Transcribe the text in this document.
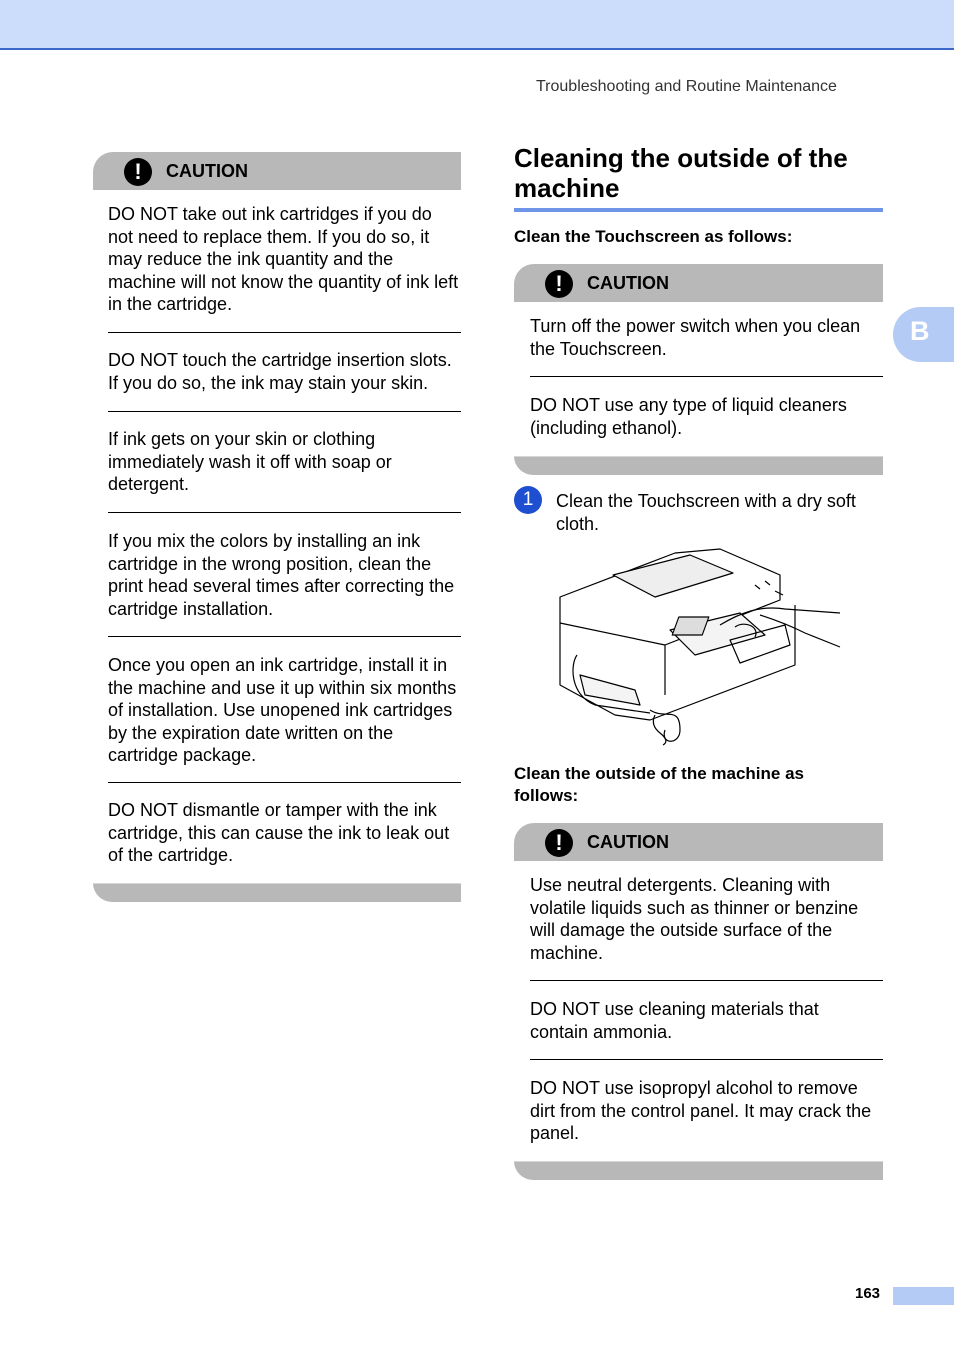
Troubleshooting and Routine Maintenance
B
!	CAUTION
DO NOT take out ink cartridges if you do not need to replace them. If you do so, it may reduce the ink quantity and the machine will not know the quantity of ink left in the cartridge.
DO NOT touch the cartridge insertion slots. If you do so, the ink may stain your skin.
If ink gets on your skin or clothing immediately wash it off with soap or detergent.
If you mix the colors by installing an ink cartridge in the wrong position, clean the print head several times after correcting the cartridge installation.
Once you open an ink cartridge, install it in the machine and use it up within six months of installation. Use unopened ink cartridges by the expiration date written on the cartridge package.
DO NOT dismantle or tamper with the ink cartridge, this can cause the ink to leak out of the cartridge.
Cleaning the outside of the machine
Clean the Touchscreen as follows:
!	CAUTION
Turn off the power switch when you clean the Touchscreen.
DO NOT use any type of liquid cleaners (including ethanol).
1	Clean the Touchscreen with a dry soft cloth.
Clean the outside of the machine as follows:
!	CAUTION
Use neutral detergents. Cleaning with volatile liquids such as thinner or benzine will damage the outside surface of the machine.
DO NOT use cleaning materials that contain ammonia.
DO NOT use isopropyl alcohol to remove dirt from the control panel. It may crack the panel.
163
